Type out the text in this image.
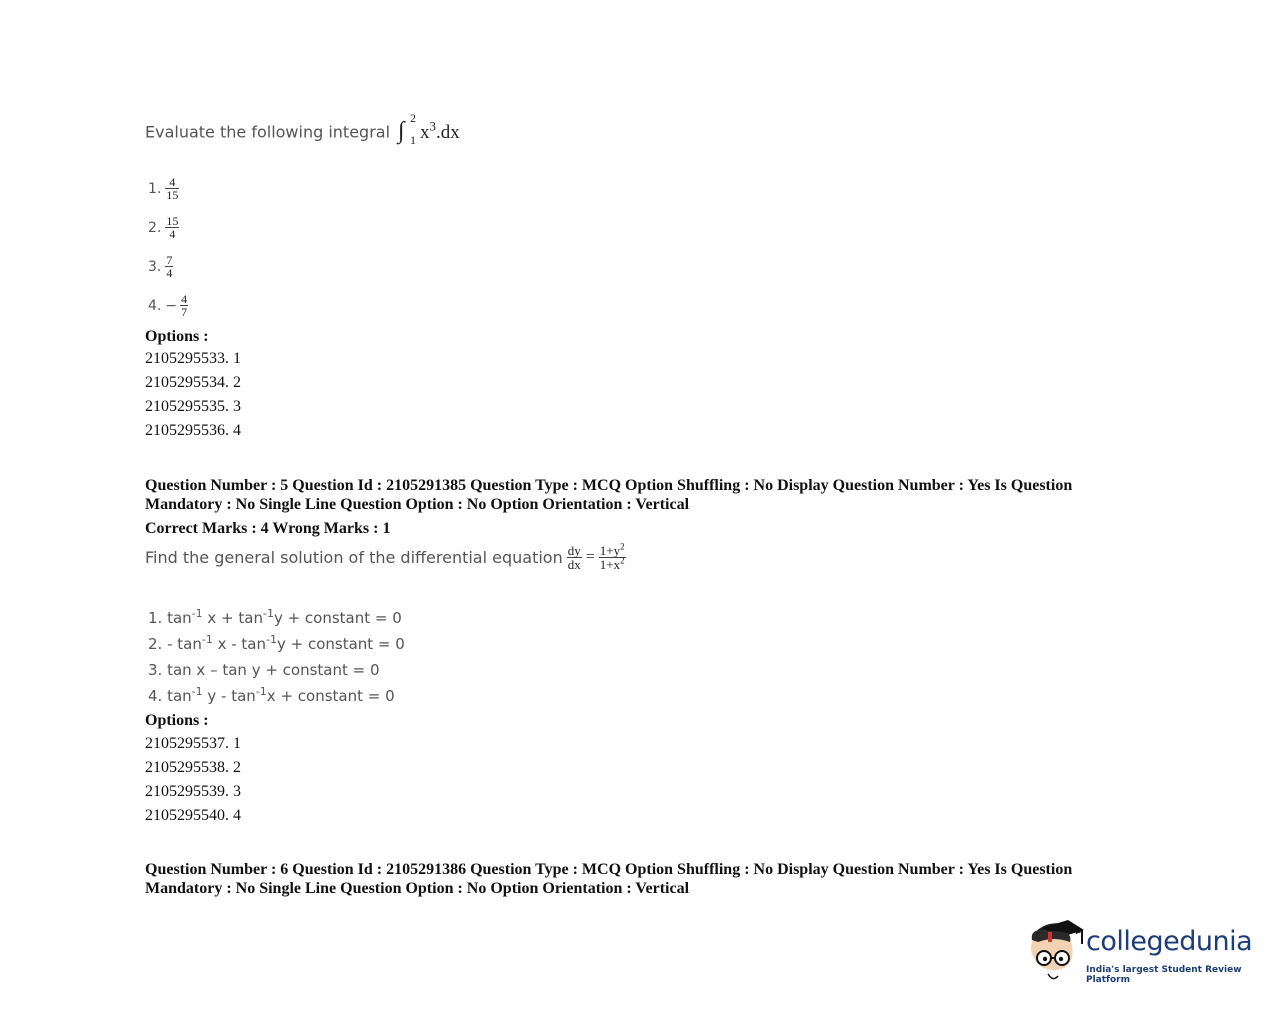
Evaluate the following integral ∫ 2
1 $x^3.dx$
1. $\frac{4}{15}$
2. $\frac{15}{4}$
3. $\frac{7}{4}$
4. − $\frac{4}{7}$
Options :
2105295533. 1
2105295534. 2
2105295535. 3
2105295536. 4
Question Number : 5 Question Id : 2105291385 Question Type : MCQ Option Shuffling : No Display Question Number : Yes Is Question
Mandatory : No Single Line Question Option : No Option Orientation : Vertical
Correct Marks : 4 Wrong Marks : 1
Find the general solution of the differential equation $\frac{dy}{dx} = \frac{1+y^2}{1+x^2}$
1. $\tan^{-1} x + \tan^{-1}y$ + constant = 0
2. - $\tan^{-1} x - \tan^{-1}y$ + constant = 0
3. tan x – tan y + constant = 0
4. $\tan^{-1} y - \tan^{-1}x$ + constant = 0
Options :
2105295537. 1
2105295538. 2
2105295539. 3
2105295540. 4
Question Number : 6 Question Id : 2105291386 Question Type : MCQ Option Shuffling : No Display Question Number : Yes Is Question
Mandatory : No Single Line Question Option : No Option Orientation : Vertical
collegedunia
India's largest Student Review Platform
